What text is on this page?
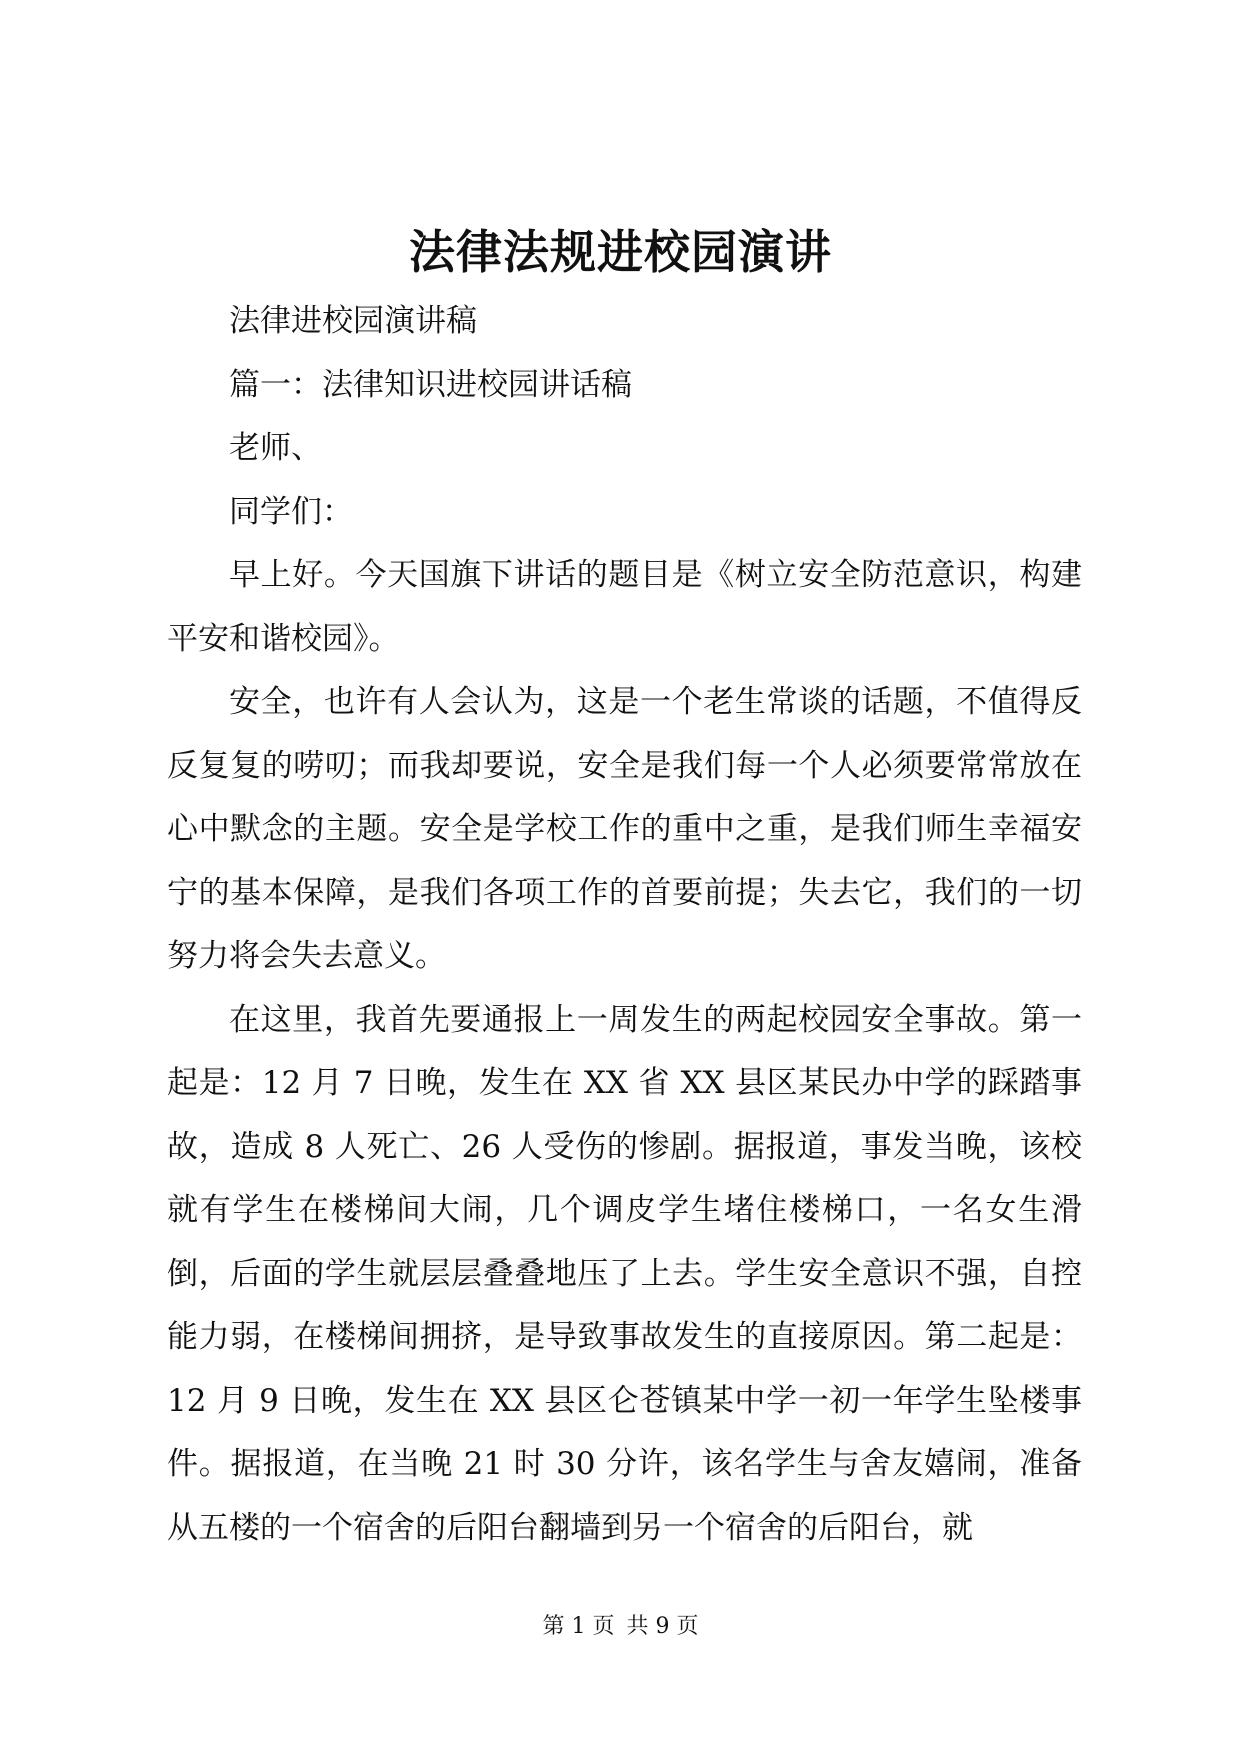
法律法规进校园演讲

法律进校园演讲稿

篇一：法律知识进校园讲话稿

老师、

同学们：

早上好。今天国旗下讲话的题目是《树立安全防范意识，构建平安和谐校园》。

安全，也许有人会认为，这是一个老生常谈的话题，不值得反反复复的唠叨；而我却要说，安全是我们每一个人必须要常常放在心中默念的主题。安全是学校工作的重中之重，是我们师生幸福安宁的基本保障，是我们各项工作的首要前提；失去它，我们的一切努力将会失去意义。

在这里，我首先要通报上一周发生的两起校园安全事故。第一起是：12 月 7 日晚，发生在 XX 省 XX 县区某民办中学的踩踏事故，造成 8 人死亡、26 人受伤的惨剧。据报道，事发当晚，该校就有学生在楼梯间大闹，几个调皮学生堵住楼梯口，一名女生滑倒，后面的学生就层层叠叠地压了上去。学生安全意识不强，自控能力弱，在楼梯间拥挤，是导致事故发生的直接原因。第二起是：12 月 9 日晚，发生在 XX 县区仑苍镇某中学一初一年学生坠楼事件。据报道，在当晚 21 时 30 分许，该名学生与舍友嬉闹，准备从五楼的一个宿舍的后阳台翻墙到另一个宿舍的后阳台，就

第 1 页 共 9 页
